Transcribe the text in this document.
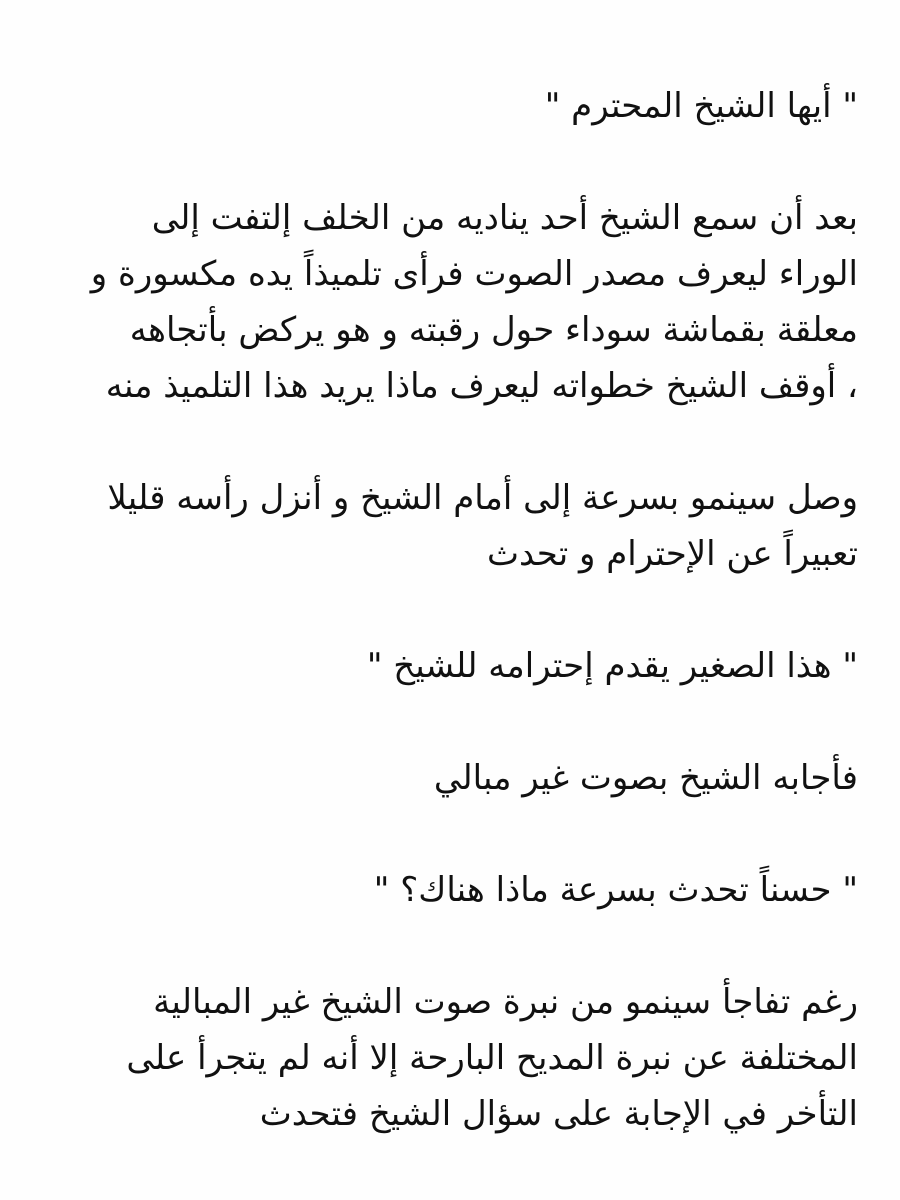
" أيها الشيخ المحترم "

بعد أن سمع الشيخ أحد يناديه من الخلف إلتفت إلى
الوراء ليعرف مصدر الصوت فرأى تلميذاً يده مكسورة و
معلقة بقماشة سوداء حول رقبته و هو يركض بأتجاهه
، أوقف الشيخ خطواته ليعرف ماذا يريد هذا التلميذ منه

وصل سينمو بسرعة إلى أمام الشيخ و أنزل رأسه قليلا
تعبيراً عن الإحترام و تحدث

" هذا الصغير يقدم إحترامه للشيخ "

فأجابه الشيخ بصوت غير مبالي

" حسناً تحدث بسرعة ماذا هناك؟ "

رغم تفاجأ سينمو من نبرة صوت الشيخ غير المبالية
المختلفة عن نبرة المديح البارحة إلا أنه لم يتجرأ على
التأخر في الإجابة على سؤال الشيخ فتحدث
